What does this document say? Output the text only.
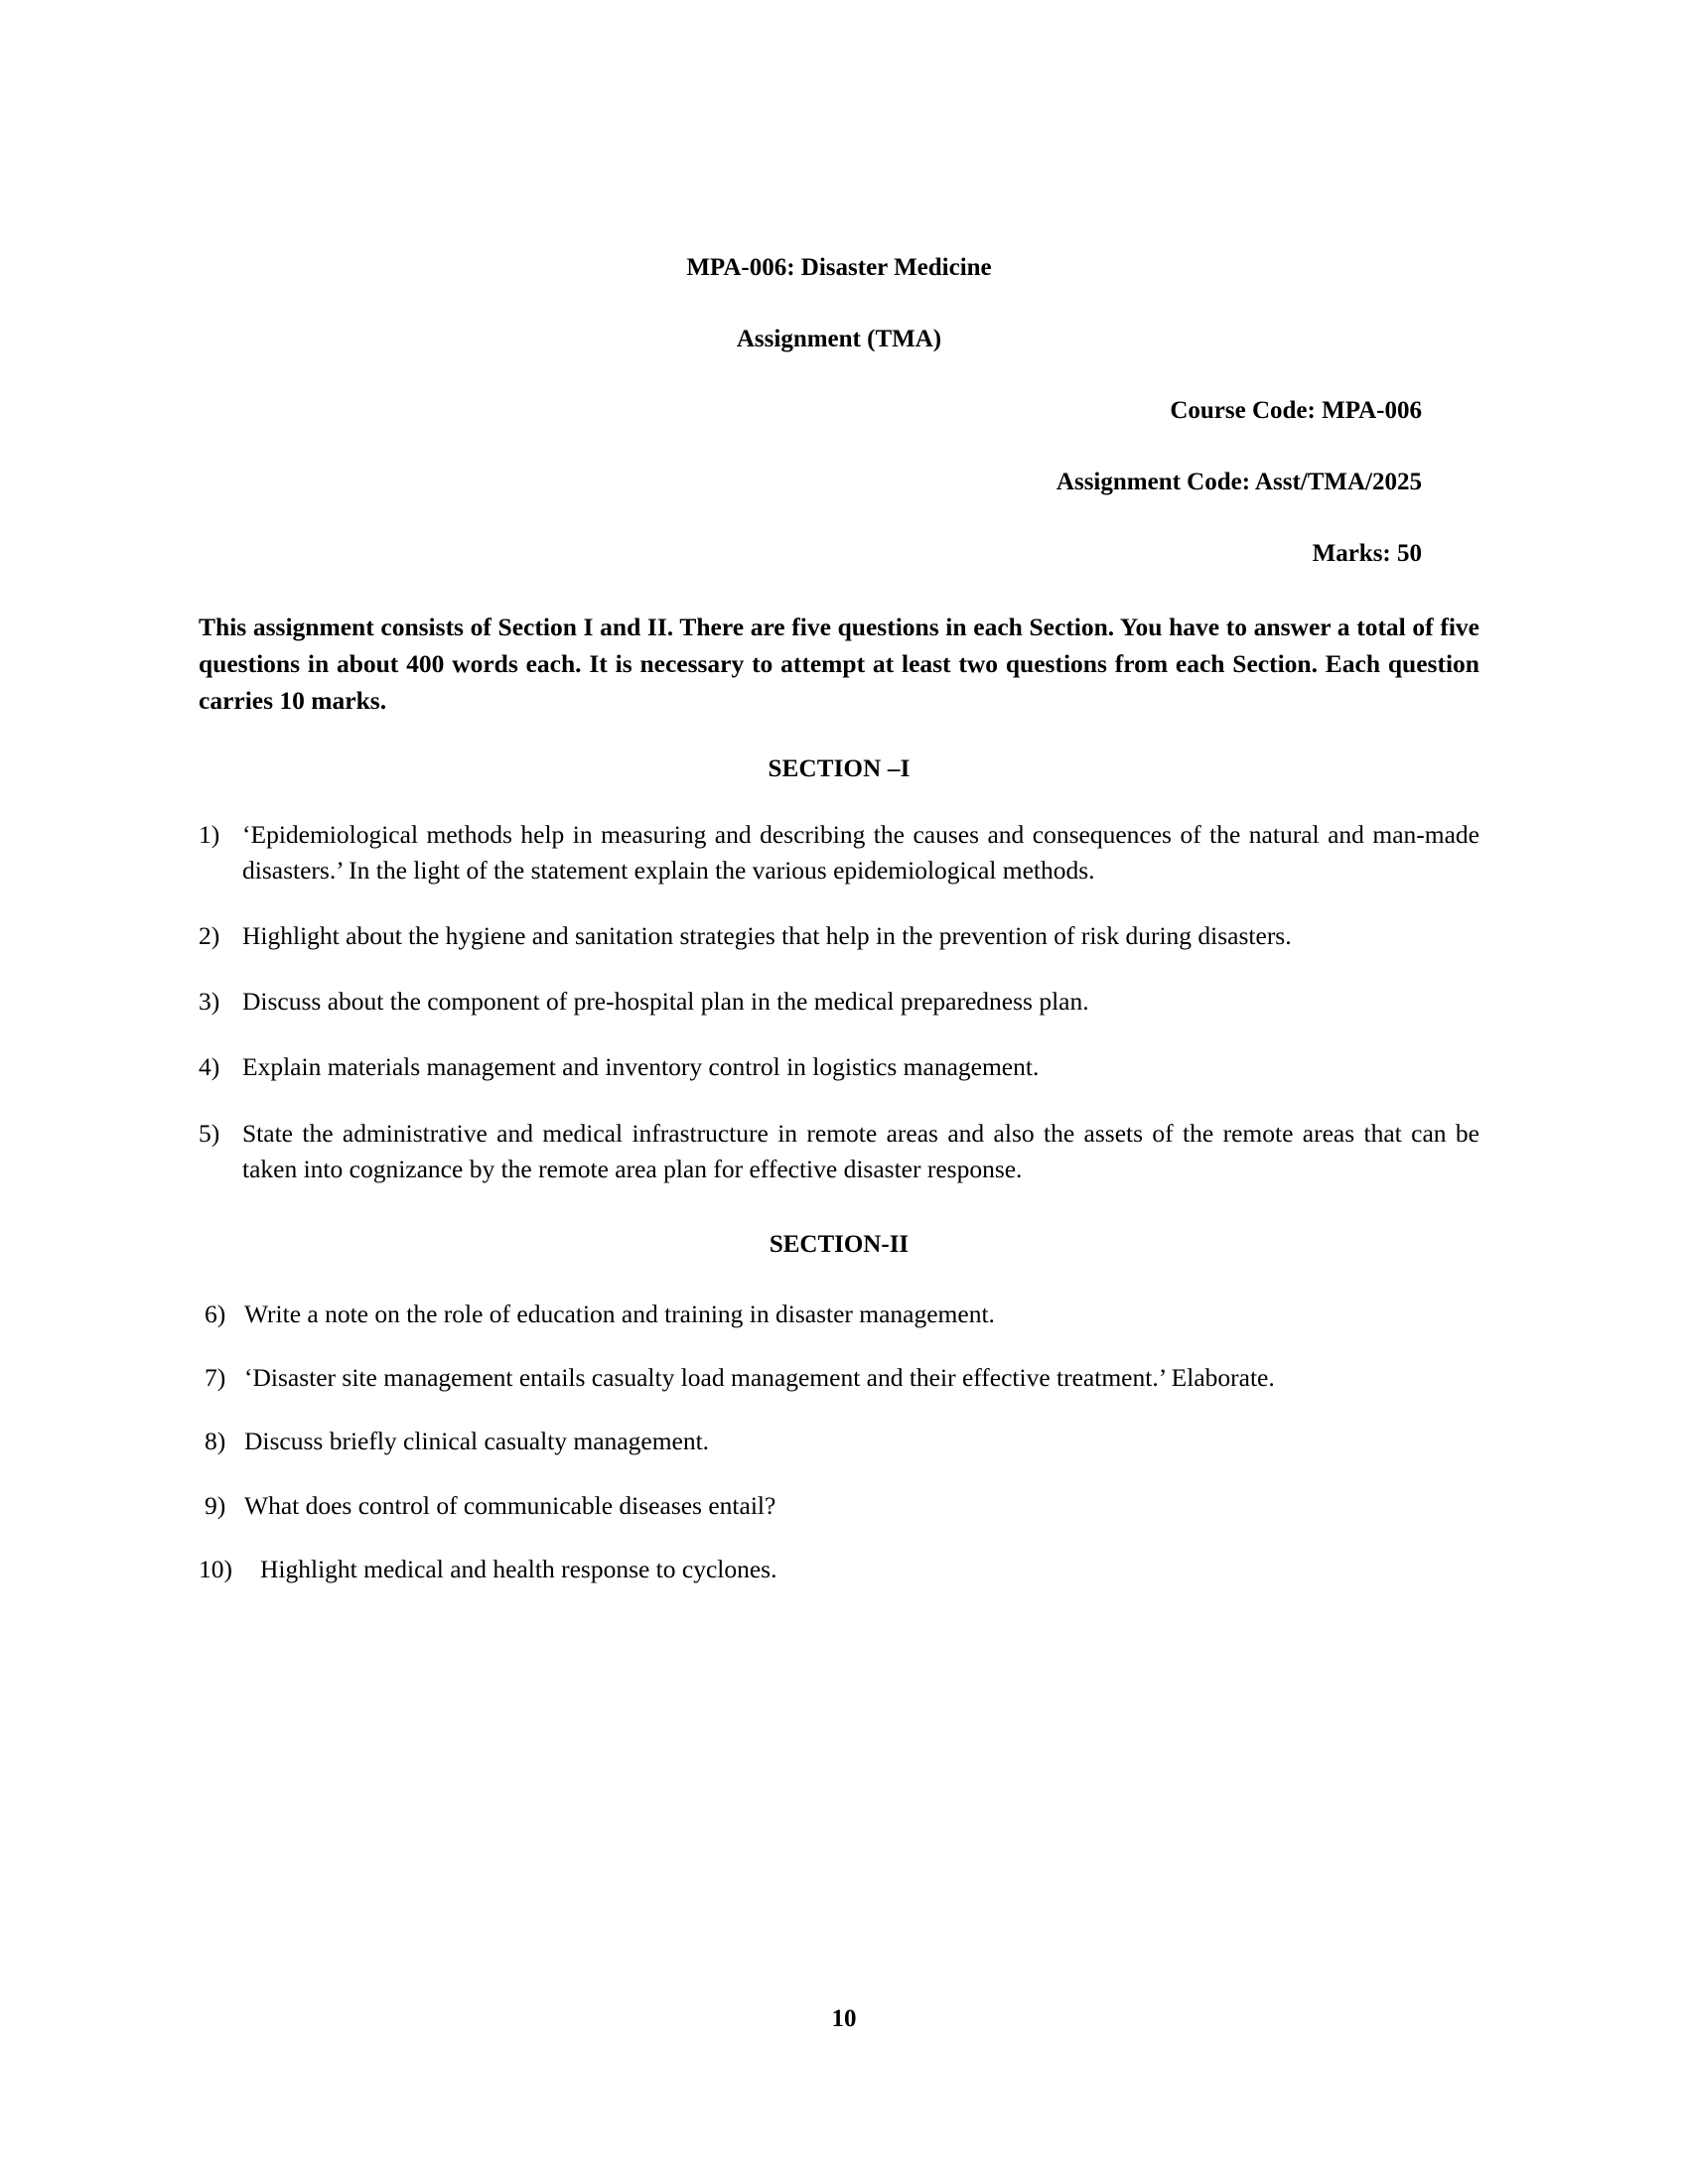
MPA-006: Disaster Medicine
Assignment (TMA)
Course Code: MPA-006
Assignment Code: Asst/TMA/2025
Marks: 50
This assignment consists of Section I and II. There are five questions in each Section. You have to answer a total of five questions in about 400 words each. It is necessary to attempt at least two questions from each Section. Each question carries 10 marks.
SECTION –I
1) ‘Epidemiological methods help in measuring and describing the causes and consequences of the natural and man-made disasters.’ In the light of the statement explain the various epidemiological methods.
2) Highlight about the hygiene and sanitation strategies that help in the prevention of risk during disasters.
3) Discuss about the component of pre-hospital plan in the medical preparedness plan.
4) Explain materials management and inventory control in logistics management.
5) State the administrative and medical infrastructure in remote areas and also the assets of the remote areas that can be taken into cognizance by the remote area plan for effective disaster response.
SECTION-II
6) Write a note on the role of education and training in disaster management.
7) ‘Disaster site management entails casualty load management and their effective treatment.’ Elaborate.
8) Discuss briefly clinical casualty management.
9) What does control of communicable diseases entail?
10)	Highlight medical and health response to cyclones.
10
